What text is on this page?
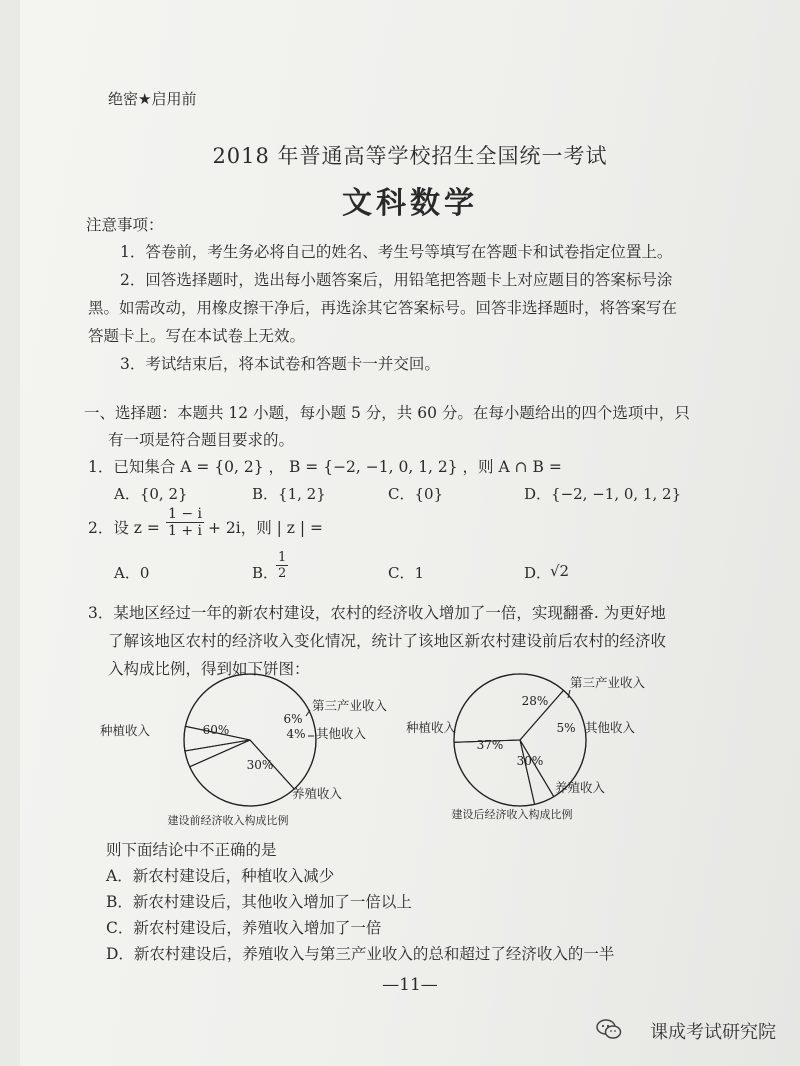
绝密★启用前
2018 年普通高等学校招生全国统一考试
文科数学
注意事项：
1．答卷前，考生务必将自己的姓名、考生号等填写在答题卡和试卷指定位置上。
2．回答选择题时，选出每小题答案后，用铅笔把答题卡上对应题目的答案标号涂
黑。如需改动，用橡皮擦干净后，再选涂其它答案标号。回答非选择题时，将答案写在
答题卡上。写在本试卷上无效。
3．考试结束后，将本试卷和答题卡一并交回。
一、选择题：本题共 12 小题，每小题 5 分，共 60 分。在每小题给出的四个选项中，只
有一项是符合题目要求的。
1．已知集合 A = {0, 2} ， B = {−2, −1, 0, 1, 2} ，则 A ∩ B =
A．{0, 2}	B．{1, 2}	C．{0}	D．{−2, −1, 0, 1, 2}
2．设 $z = \frac{1 - i}{1 + i} + 2i$，则 | z | =
A．0	B．
$\frac{1}{2}$	C．1	D．
√2
3．某地区经过一年的新农村建设，农村的经济收入增加了一倍，实现翻番. 为更好地
了解该地区农村的经济收入变化情况，统计了该地区新农村建设前后农村的经济收
入构成比例，得到如下饼图：
60%
30%
4%
6%
种植收入
养殖收入
其他收入
第三产业收入
建设前经济收入构成比例
37%
30%
5%
28%
种植收入
养殖收入
其他收入
第三产业收入
建设后经济收入构成比例
则下面结论中不正确的是
A．新农村建设后，种植收入减少
B．新农村建设后，其他收入增加了一倍以上
C．新农村建设后，养殖收入增加了一倍
D．新农村建设后，养殖收入与第三产业收入的总和超过了经济收入的一半
—11—
课成考试研究院
